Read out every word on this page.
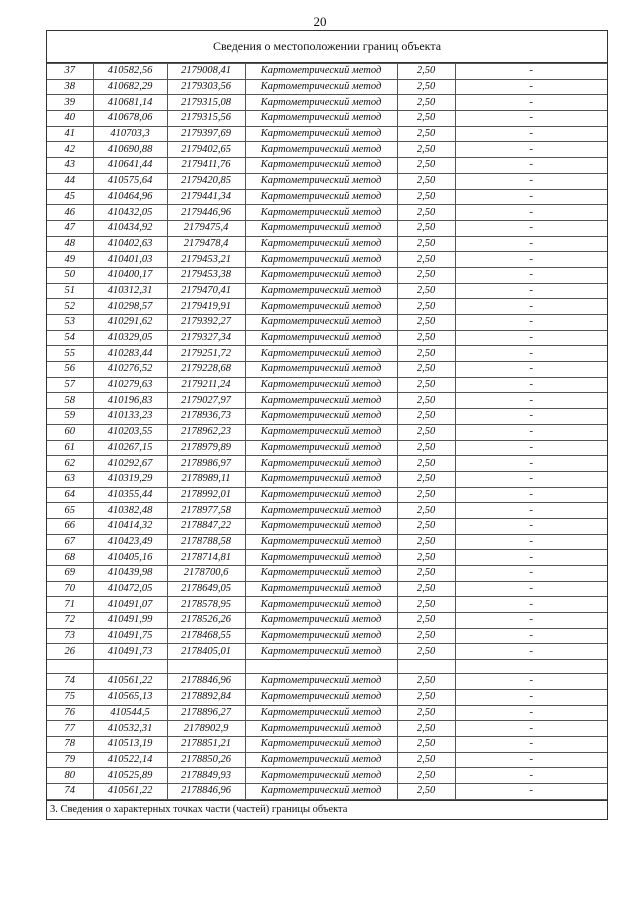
20
Сведения о местоположении границ объекта
37	410582,56	2179008,41	Картометрический метод	2,50	-
38	410682,29	2179303,56	Картометрический метод	2,50	-
39	410681,14	2179315,08	Картометрический метод	2,50	-
40	410678,06	2179315,56	Картометрический метод	2,50	-
41	410703,3	2179397,69	Картометрический метод	2,50	-
42	410690,88	2179402,65	Картометрический метод	2,50	-
43	410641,44	2179411,76	Картометрический метод	2,50	-
44	410575,64	2179420,85	Картометрический метод	2,50	-
45	410464,96	2179441,34	Картометрический метод	2,50	-
46	410432,05	2179446,96	Картометрический метод	2,50	-
47	410434,92	2179475,4	Картометрический метод	2,50	-
48	410402,63	2179478,4	Картометрический метод	2,50	-
49	410401,03	2179453,21	Картометрический метод	2,50	-
50	410400,17	2179453,38	Картометрический метод	2,50	-
51	410312,31	2179470,41	Картометрический метод	2,50	-
52	410298,57	2179419,91	Картометрический метод	2,50	-
53	410291,62	2179392,27	Картометрический метод	2,50	-
54	410329,05	2179327,34	Картометрический метод	2,50	-
55	410283,44	2179251,72	Картометрический метод	2,50	-
56	410276,52	2179228,68	Картометрический метод	2,50	-
57	410279,63	2179211,24	Картометрический метод	2,50	-
58	410196,83	2179027,97	Картометрический метод	2,50	-
59	410133,23	2178936,73	Картометрический метод	2,50	-
60	410203,55	2178962,23	Картометрический метод	2,50	-
61	410267,15	2178979,89	Картометрический метод	2,50	-
62	410292,67	2178986,97	Картометрический метод	2,50	-
63	410319,29	2178989,11	Картометрический метод	2,50	-
64	410355,44	2178992,01	Картометрический метод	2,50	-
65	410382,48	2178977,58	Картометрический метод	2,50	-
66	410414,32	2178847,22	Картометрический метод	2,50	-
67	410423,49	2178788,58	Картометрический метод	2,50	-
68	410405,16	2178714,81	Картометрический метод	2,50	-
69	410439,98	2178700,6	Картометрический метод	2,50	-
70	410472,05	2178649,05	Картометрический метод	2,50	-
71	410491,07	2178578,95	Картометрический метод	2,50	-
72	410491,99	2178526,26	Картометрический метод	2,50	-
73	410491,75	2178468,55	Картометрический метод	2,50	-
26	410491,73	2178405,01	Картометрический метод	2,50	-

74	410561,22	2178846,96	Картометрический метод	2,50	-
75	410565,13	2178892,84	Картометрический метод	2,50	-
76	410544,5	2178896,27	Картометрический метод	2,50	-
77	410532,31	2178902,9	Картометрический метод	2,50	-
78	410513,19	2178851,21	Картометрический метод	2,50	-
79	410522,14	2178850,26	Картометрический метод	2,50	-
80	410525,89	2178849,93	Картометрический метод	2,50	-
74	410561,22	2178846,96	Картометрический метод	2,50	-
3. Сведения о характерных точках части (частей) границы объекта
